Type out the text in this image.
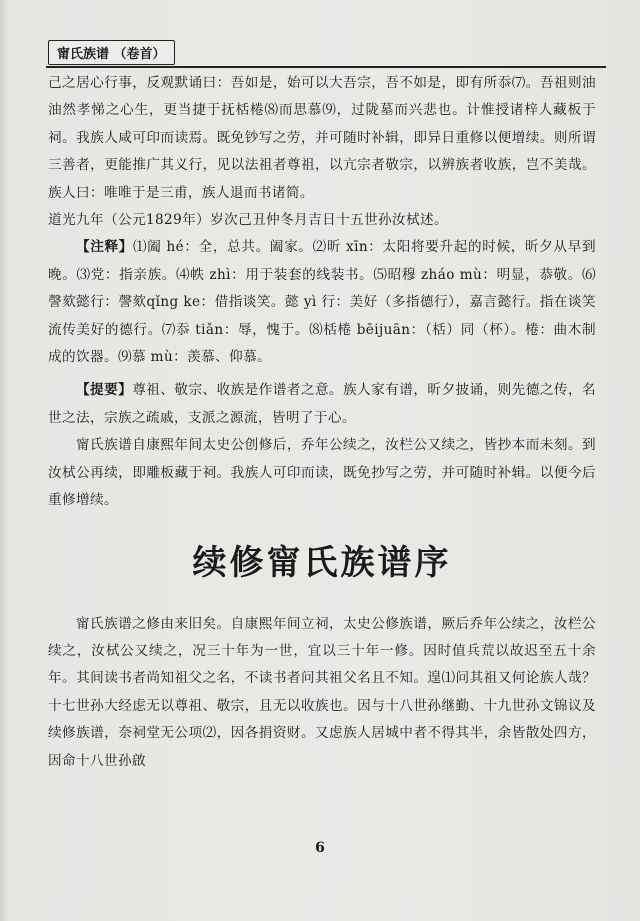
甯氏族谱 （卷首）

己之居心行事，反观默诵曰：吾如是，始可以大吾宗，吾不如是，即有所忝⑺。吾祖则油油然孝悌之心生，更当捷于抚栝棬⑻而思慕⑼，过陇墓而兴悲也。计惟授诸梓人藏板于祠。我族人咸可印而读焉。既免钞写之劳，并可随时补辑，即异日重修以便增续。则所谓三善者，更能推广其义行，见以法祖者尊祖，以亢宗者敬宗，以辨族者收族，岂不美哉。族人曰：唯唯于是三甫，族人退而书诸简。

道光九年（公元1829年）岁次己丑仲冬月吉日十五世孙汝栻述。

【注释】⑴阖 hé：全，总共。阖家。⑵昕 xīn：太阳将要升起的时候，昕夕从早到晚。⑶党：指亲族。⑷帙 zhì：用于装套的线装书。⑸昭穆 zháo mù：明显，恭敬。⑹謦欬懿行：謦欬qǐng ke：借指谈笑。懿 yì 行：美好（多指德行），嘉言懿行。指在谈笑流传美好的德行。⑺忝 tiǎn：辱，愧于。⑻栝棬 bēijuān：（栝）同（杯）。棬：曲木制成的饮器。⑼慕 mù：羡慕、仰慕。

【提要】尊祖、敬宗、收族是作谱者之意。族人家有谱，昕夕披诵，则先德之传，名世之法，宗族之疏戚，支派之源流，皆明了于心。

甯氏族谱自康熙年间太史公创修后，乔年公续之，汝栏公又续之，皆抄本而未刻。到汝栻公再续，即雕板藏于祠。我族人可印而读，既免抄写之劳，并可随时补辑。以便今后重修增续。

续修甯氏族谱序

甯氏族谱之修由来旧矣。自康熙年间立祠，太史公修族谱，厥后乔年公续之，汝栏公续之，汝栻公又续之，况三十年为一世，宜以三十年一修。因时值兵荒以故迟至五十余年。其间读书者尚知祖父之名，不读书者问其祖父名且不知。遑⑴问其祖又何论族人哉？十七世孙大经虑无以尊祖、敬宗，且无以收族也。因与十八世孙继勤、十九世孙文锦议及续修族谱，奈祠堂无公项⑵，因各捐资财。又虑族人居城中者不得其半，余皆散处四方，因命十八世孙啟

6
